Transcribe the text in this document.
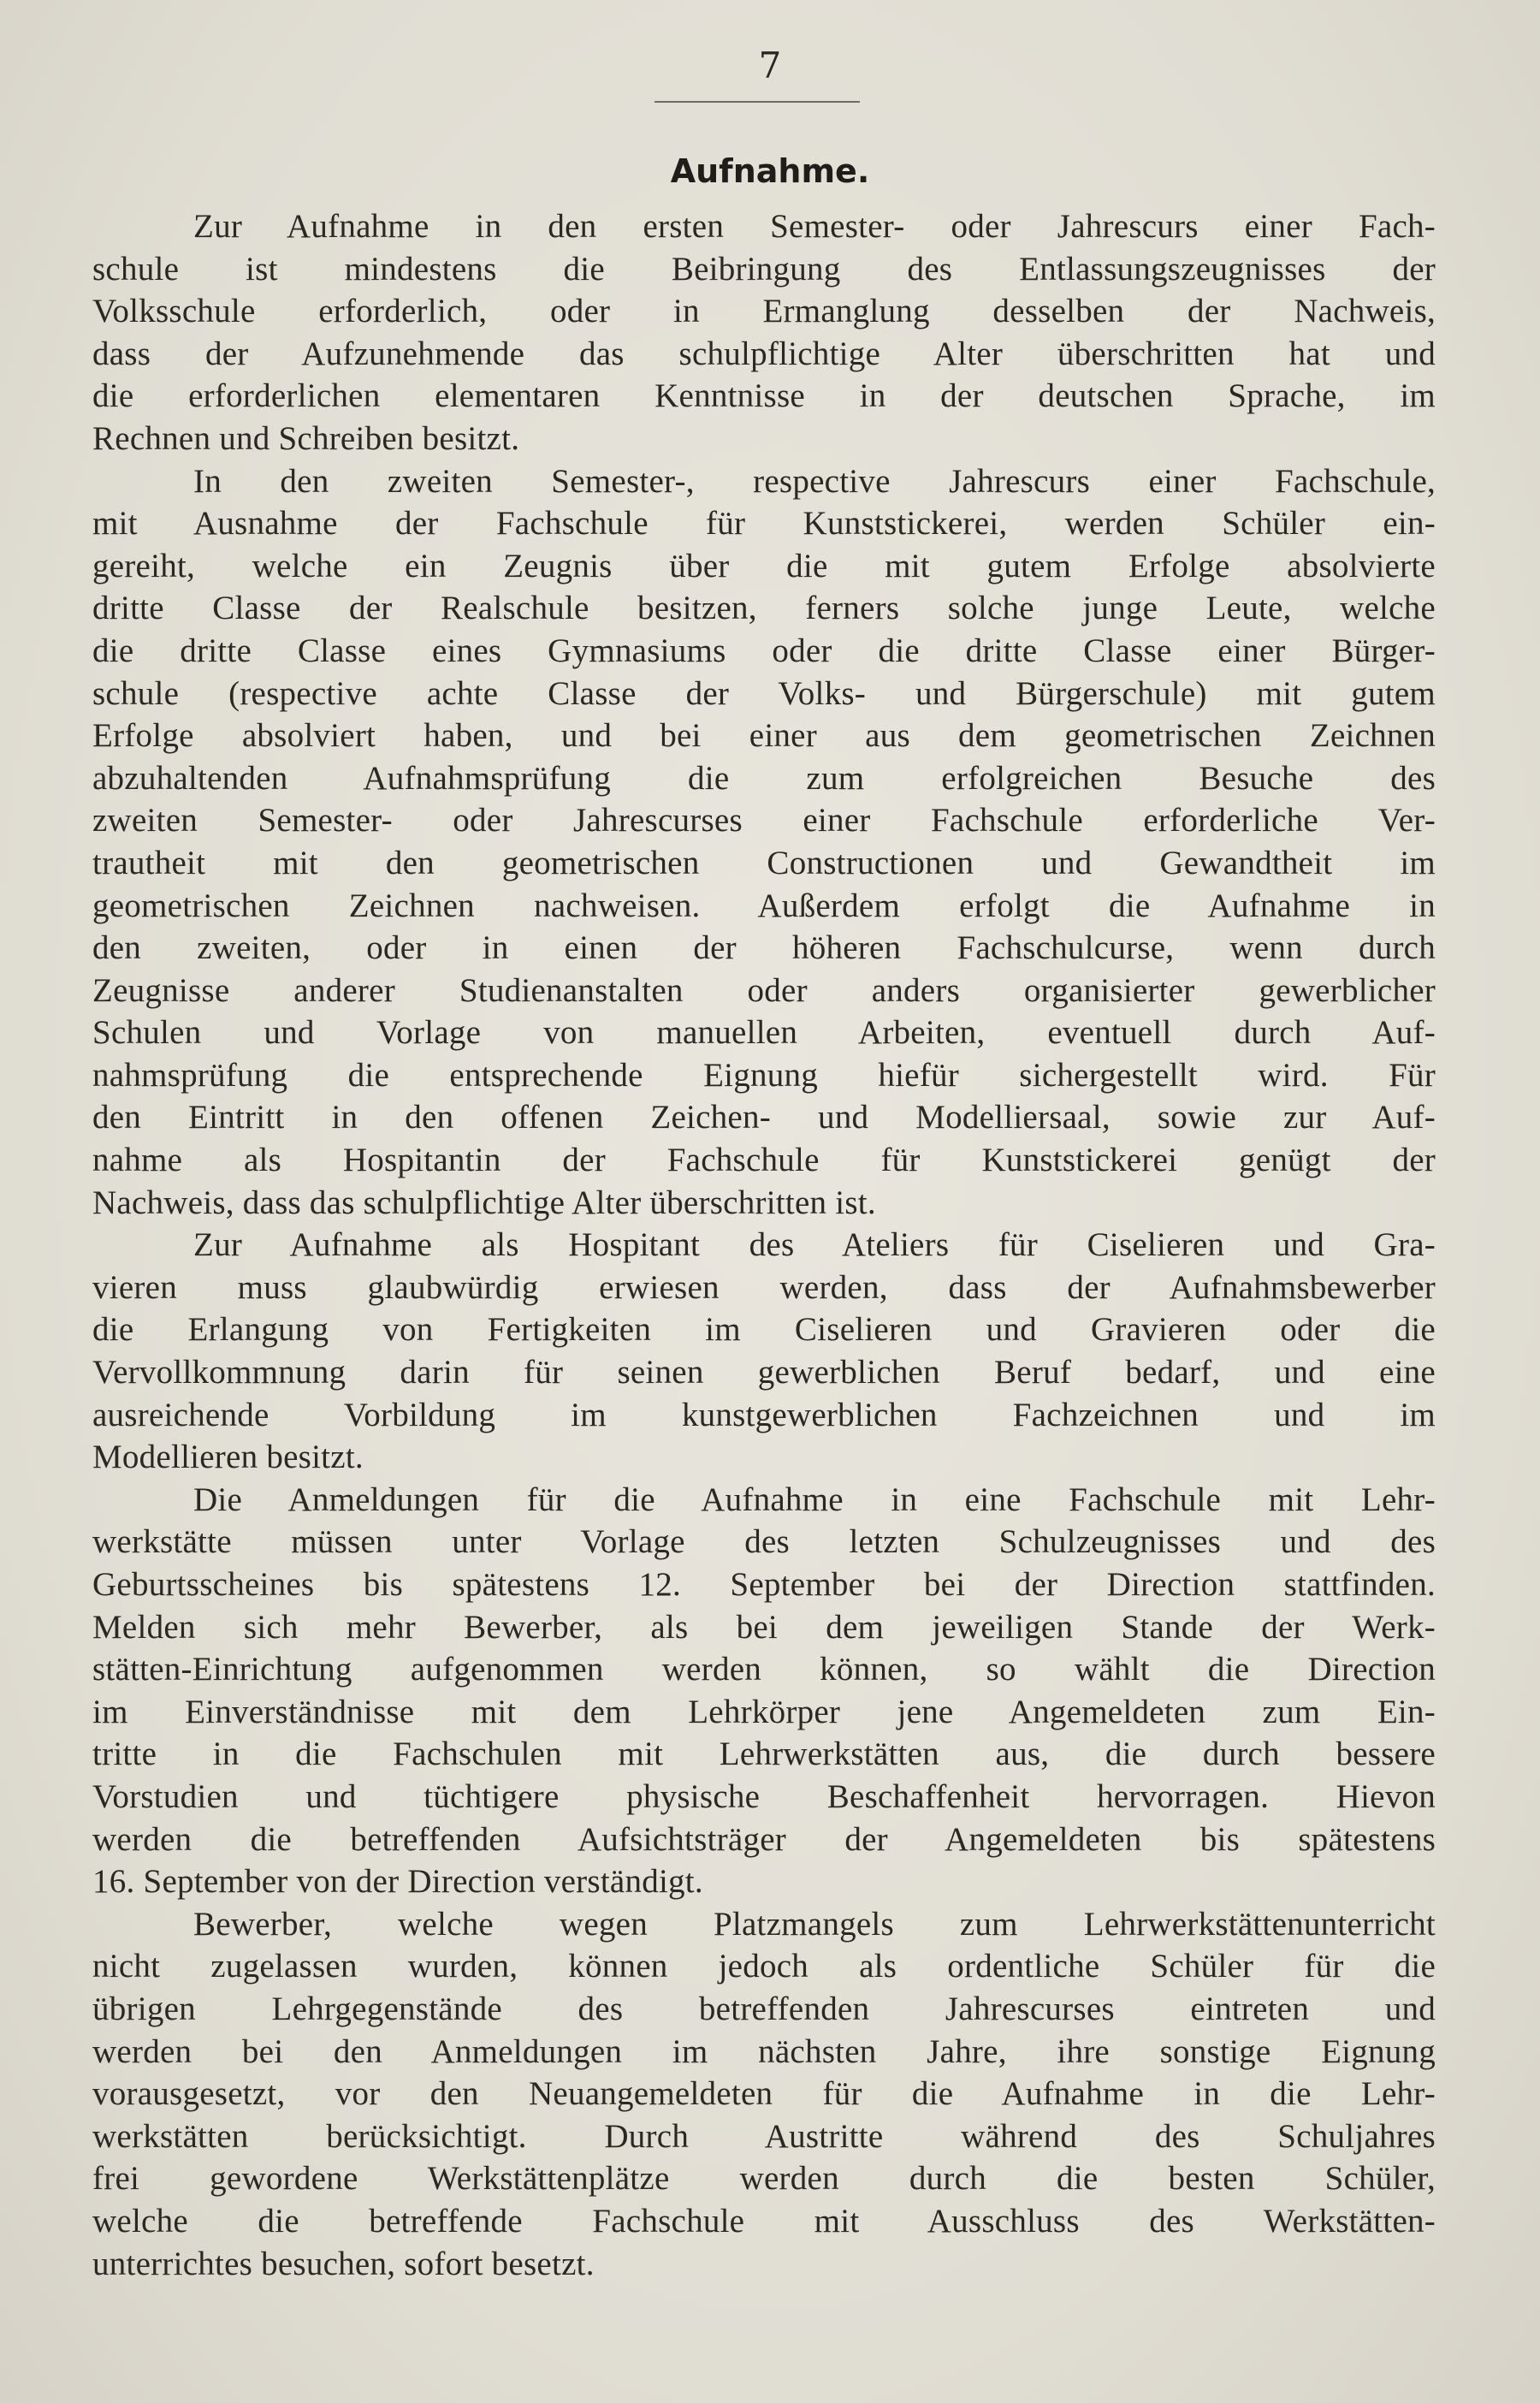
7
Aufnahme.
Zur Aufnahme in den ersten Semester- oder Jahrescurs einer Fach-
schule ist mindestens die Beibringung des Entlassungszeugnisses der
Volksschule erforderlich, oder in Ermanglung desselben der Nachweis,
dass der Aufzunehmende das schulpflichtige Alter überschritten hat und
die erforderlichen elementaren Kenntnisse in der deutschen Sprache, im
Rechnen und Schreiben besitzt.
In den zweiten Semester-, respective Jahrescurs einer Fachschule,
mit Ausnahme der Fachschule für Kunststickerei, werden Schüler ein-
gereiht, welche ein Zeugnis über die mit gutem Erfolge absolvierte
dritte Classe der Realschule besitzen, ferners solche junge Leute, welche
die dritte Classe eines Gymnasiums oder die dritte Classe einer Bürger-
schule (respective achte Classe der Volks- und Bürgerschule) mit gutem
Erfolge absolviert haben, und bei einer aus dem geometrischen Zeichnen
abzuhaltenden Aufnahmsprüfung die zum erfolgreichen Besuche des
zweiten Semester- oder Jahrescurses einer Fachschule erforderliche Ver-
trautheit mit den geometrischen Constructionen und Gewandtheit im
geometrischen Zeichnen nachweisen. Außerdem erfolgt die Aufnahme in
den zweiten, oder in einen der höheren Fachschulcurse, wenn durch
Zeugnisse anderer Studienanstalten oder anders organisierter gewerblicher
Schulen und Vorlage von manuellen Arbeiten, eventuell durch Auf-
nahmsprüfung die entsprechende Eignung hiefür sichergestellt wird. Für
den Eintritt in den offenen Zeichen- und Modelliersaal, sowie zur Auf-
nahme als Hospitantin der Fachschule für Kunststickerei genügt der
Nachweis, dass das schulpflichtige Alter überschritten ist.
Zur Aufnahme als Hospitant des Ateliers für Ciselieren und Gra-
vieren muss glaubwürdig erwiesen werden, dass der Aufnahmsbewerber
die Erlangung von Fertigkeiten im Ciselieren und Gravieren oder die
Vervollkommnung darin für seinen gewerblichen Beruf bedarf, und eine
ausreichende Vorbildung im kunstgewerblichen Fachzeichnen und im
Modellieren besitzt.
Die Anmeldungen für die Aufnahme in eine Fachschule mit Lehr-
werkstätte müssen unter Vorlage des letzten Schulzeugnisses und des
Geburtsscheines bis spätestens 12. September bei der Direction stattfinden.
Melden sich mehr Bewerber, als bei dem jeweiligen Stande der Werk-
stätten-Einrichtung aufgenommen werden können, so wählt die Direction
im Einverständnisse mit dem Lehrkörper jene Angemeldeten zum Ein-
tritte in die Fachschulen mit Lehrwerkstätten aus, die durch bessere
Vorstudien und tüchtigere physische Beschaffenheit hervorragen. Hievon
werden die betreffenden Aufsichtsträger der Angemeldeten bis spätestens
16. September von der Direction verständigt.
Bewerber, welche wegen Platzmangels zum Lehrwerkstättenunterricht
nicht zugelassen wurden, können jedoch als ordentliche Schüler für die
übrigen Lehrgegenstände des betreffenden Jahrescurses eintreten und
werden bei den Anmeldungen im nächsten Jahre, ihre sonstige Eignung
vorausgesetzt, vor den Neuangemeldeten für die Aufnahme in die Lehr-
werkstätten berücksichtigt. Durch Austritte während des Schuljahres
frei gewordene Werkstättenplätze werden durch die besten Schüler,
welche die betreffende Fachschule mit Ausschluss des Werkstätten-
unterrichtes besuchen, sofort besetzt.
